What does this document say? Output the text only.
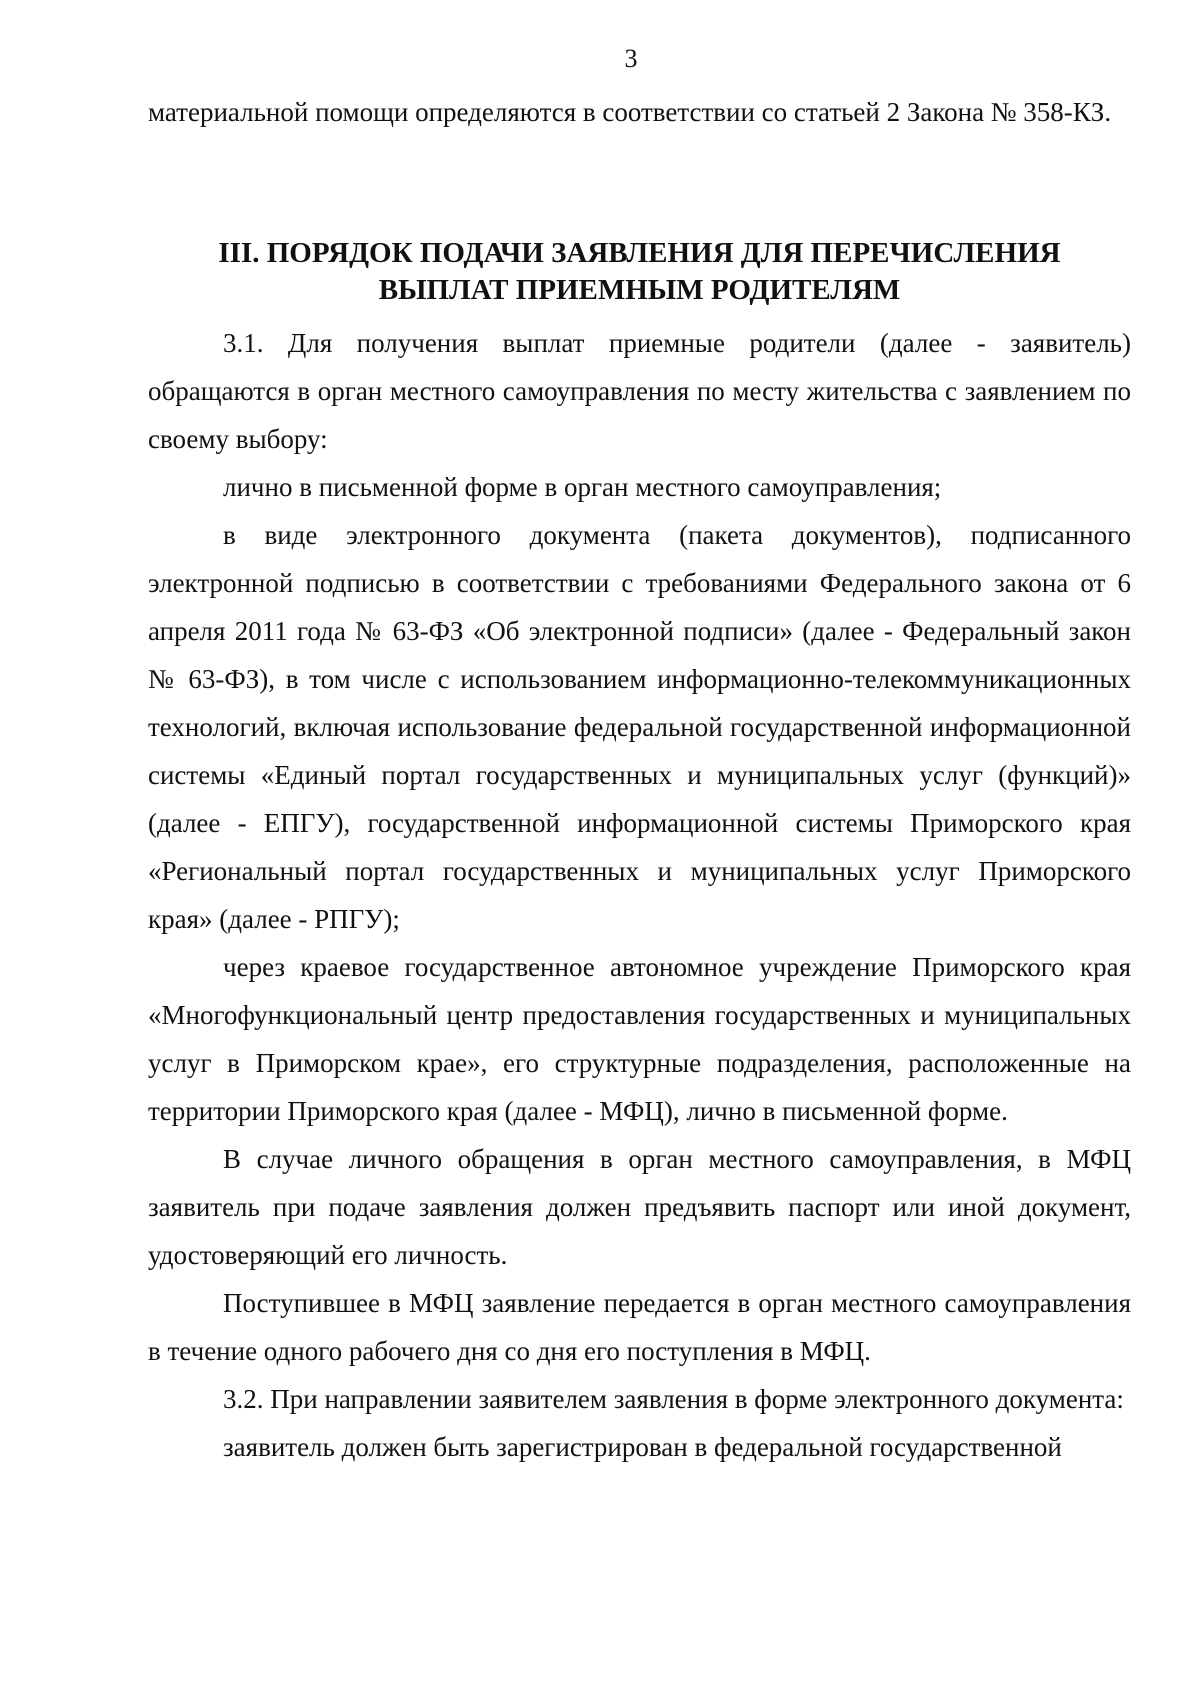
3

материальной помощи определяются в соответствии со статьей 2 Закона № 358-КЗ.

III. ПОРЯДОК ПОДАЧИ ЗАЯВЛЕНИЯ ДЛЯ ПЕРЕЧИСЛЕНИЯ
ВЫПЛАТ ПРИЕМНЫМ РОДИТЕЛЯМ

3.1. Для получения выплат приемные родители (далее - заявитель) обращаются в орган местного самоуправления по месту жительства с заявлением по своему выбору:

лично в письменной форме в орган местного самоуправления;

в виде электронного документа (пакета документов), подписанного электронной подписью в соответствии с требованиями Федерального закона от 6 апреля 2011 года № 63-ФЗ «Об электронной подписи» (далее - Федеральный закон № 63-ФЗ), в том числе с использованием информационно-телекоммуникационных технологий, включая использование федеральной государственной информационной системы «Единый портал государственных и муниципальных услуг (функций)» (далее - ЕПГУ), государственной информационной системы Приморского края «Региональный портал государственных и муниципальных услуг Приморского края» (далее - РПГУ);

через краевое государственное автономное учреждение Приморского края «Многофункциональный центр предоставления государственных и муниципальных услуг в Приморском крае», его структурные подразделения, расположенные на территории Приморского края (далее - МФЦ), лично в письменной форме.

В случае личного обращения в орган местного самоуправления, в МФЦ заявитель при подаче заявления должен предъявить паспорт или иной документ, удостоверяющий его личность.

Поступившее в МФЦ заявление передается в орган местного самоуправления в течение одного рабочего дня со дня его поступления в МФЦ.

3.2. При направлении заявителем заявления в форме электронного документа:

заявитель должен быть зарегистрирован в федеральной государственной
